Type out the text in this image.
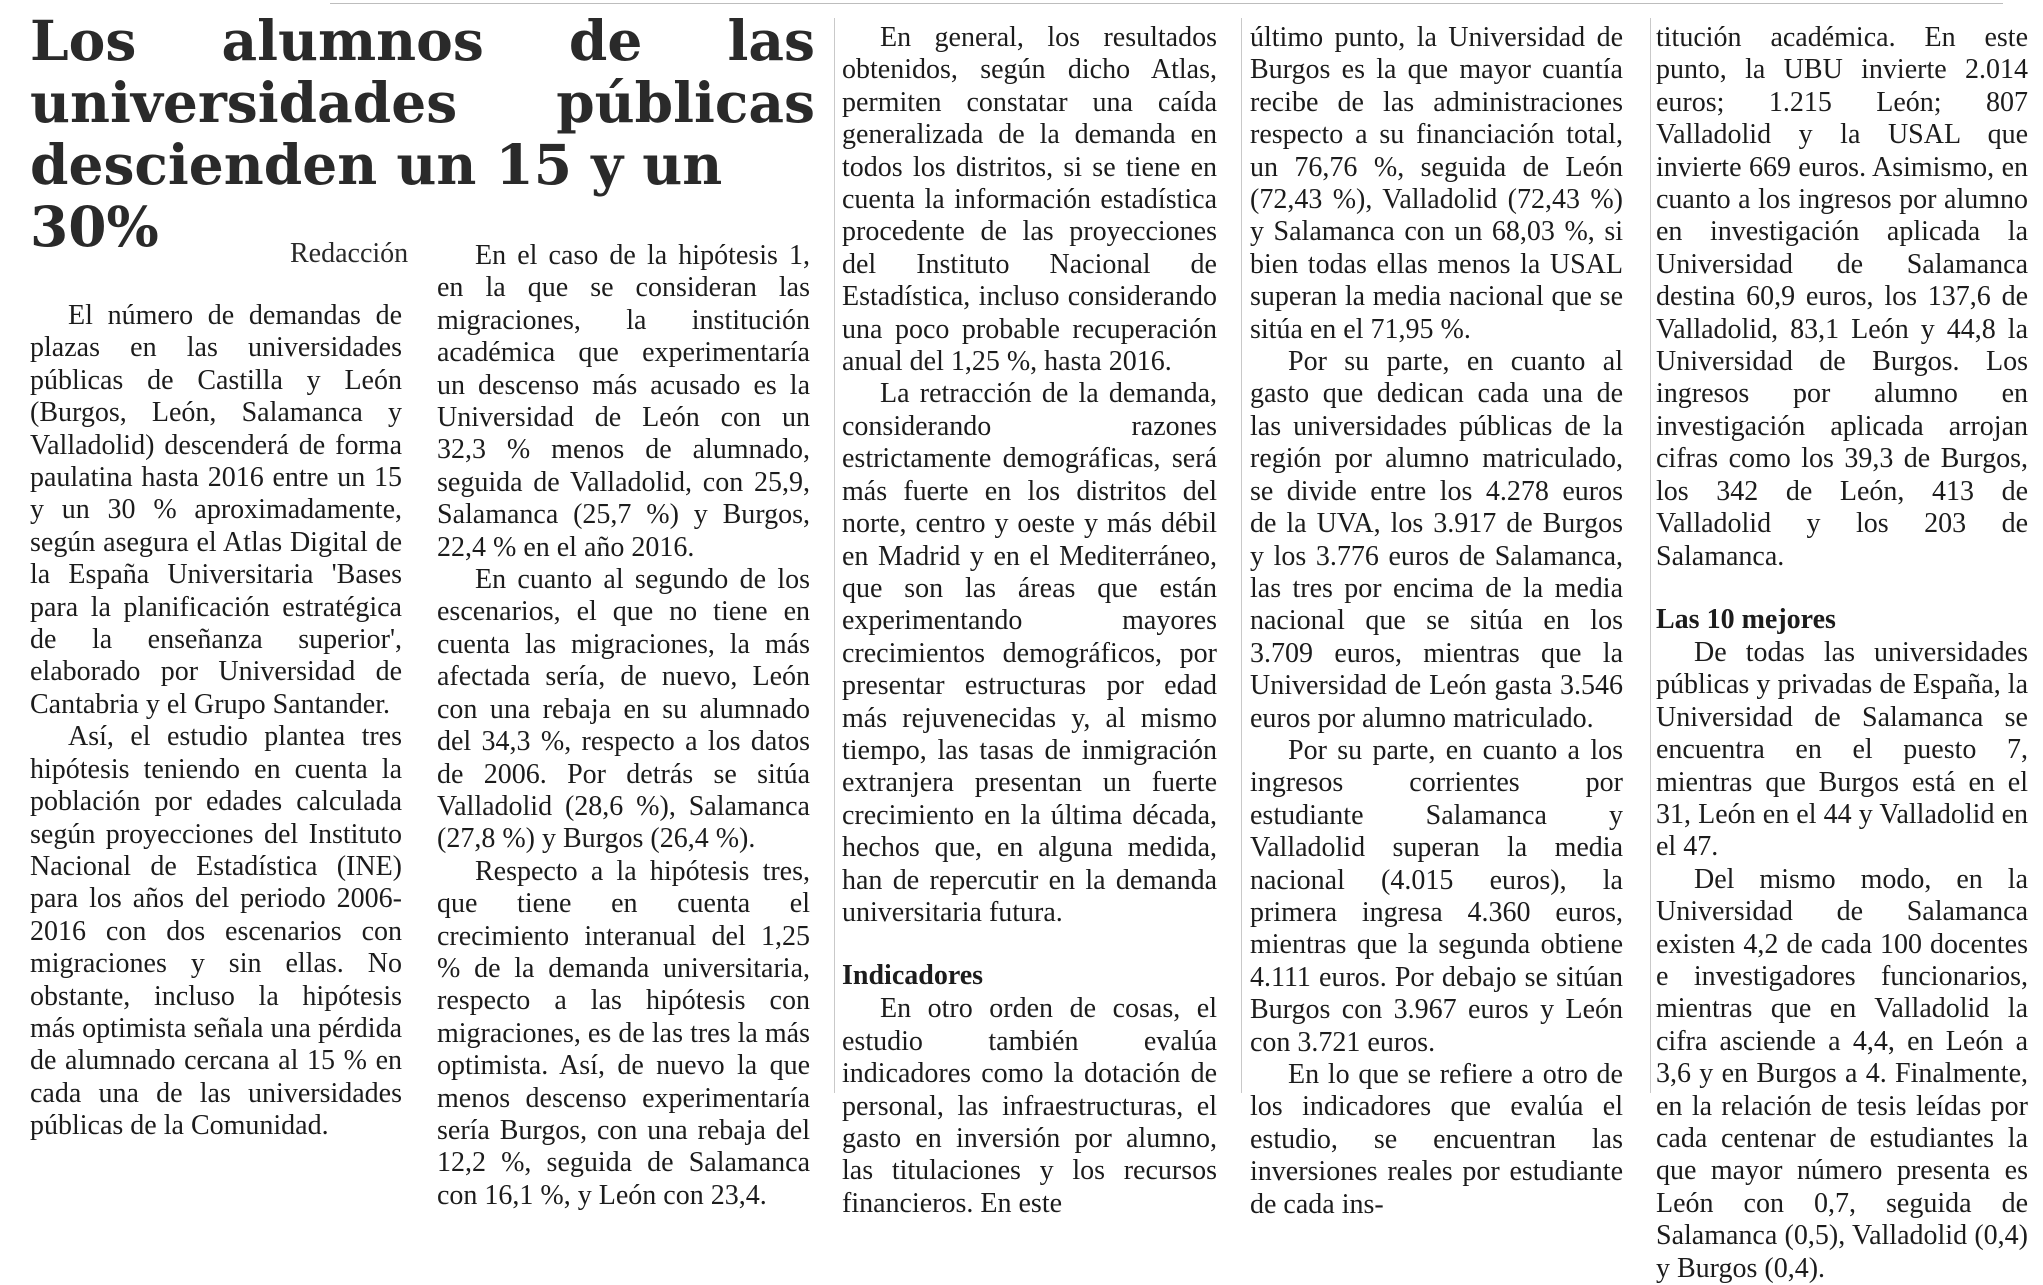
Los alumnos de las
universidades públicas
descienden un 15 y un 30%	Redacción

El número de demandas de plazas en las universidades públicas de Castilla y León (Burgos, León, Salamanca y Valladolid) descenderá de forma paulatina hasta 2016 entre un 15 y un 30 % aproximadamente, según asegura el Atlas Digital de la España Universitaria 'Bases para la planificación estratégica de la enseñanza superior', elaborado por Universidad de Cantabria y el Grupo Santander.

Así, el estudio plantea tres hipótesis teniendo en cuenta la población por edades calculada según proyecciones del Instituto Nacional de Estadística (INE) para los años del periodo 2006-2016 con dos escenarios con migraciones y sin ellas. No obstante, incluso la hipótesis más optimista señala una pérdida de alumnado cercana al 15 % en cada una de las universidades públicas de la Comunidad.

En el caso de la hipótesis 1, en la que se consideran las migraciones, la institución académica que experimentaría un descenso más acusado es la Universidad de León con un 32,3 % menos de alumnado, seguida de Valladolid, con 25,9, Salamanca (25,7 %) y Burgos, 22,4 % en el año 2016.

En cuanto al segundo de los escenarios, el que no tiene en cuenta las migraciones, la más afectada sería, de nuevo, León con una rebaja en su alumnado del 34,3 %, respecto a los datos de 2006. Por detrás se sitúa Valladolid (28,6 %), Salamanca (27,8 %) y Burgos (26,4 %).

Respecto a la hipótesis tres, que tiene en cuenta el crecimiento interanual del 1,25 % de la demanda universitaria, respecto a las hipótesis con migraciones, es de las tres la más optimista. Así, de nuevo la que menos descenso experimentaría sería Burgos, con una rebaja del 12,2 %, seguida de Salamanca con 16,1 %, y León con 23,4.

En general, los resultados obtenidos, según dicho Atlas, permiten constatar una caída generalizada de la demanda en todos los distritos, si se tiene en cuenta la información estadística procedente de las proyecciones del Instituto Nacional de Estadística, incluso considerando una poco probable recuperación anual del 1,25 %, hasta 2016.

La retracción de la demanda, considerando razones estrictamente demográficas, será más fuerte en los distritos del norte, centro y oeste y más débil en Madrid y en el Mediterráneo, que son las áreas que están experimentando mayores crecimientos demográficos, por presentar estructuras por edad más rejuvenecidas y, al mismo tiempo, las tasas de inmigración extranjera presentan un fuerte crecimiento en la última década, hechos que, en alguna medida, han de repercutir en la demanda universitaria futura.

Indicadores

En otro orden de cosas, el estudio también evalúa indicadores como la dotación de personal, las infraestructuras, el gasto en inversión por alumno, las titulaciones y los recursos financieros. En este

último punto, la Universidad de Burgos es la que mayor cuantía recibe de las administraciones respecto a su financiación total, un 76,76 %, seguida de León (72,43 %), Valladolid (72,43 %) y Salamanca con un 68,03 %, si bien todas ellas menos la USAL superan la media nacional que se sitúa en el 71,95 %.

Por su parte, en cuanto al gasto que dedican cada una de las universidades públicas de la región por alumno matriculado, se divide entre los 4.278 euros de la UVA, los 3.917 de Burgos y los 3.776 euros de Salamanca, las tres por encima de la media nacional que se sitúa en los 3.709 euros, mientras que la Universidad de León gasta 3.546 euros por alumno matriculado.

Por su parte, en cuanto a los ingresos corrientes por estudiante Salamanca y Valladolid superan la media nacional (4.015 euros), la primera ingresa 4.360 euros, mientras que la segunda obtiene 4.111 euros. Por debajo se sitúan Burgos con 3.967 euros y León con 3.721 euros.

En lo que se refiere a otro de los indicadores que evalúa el estudio, se encuentran las inversiones reales por estudiante de cada ins-

titución académica. En este punto, la UBU invierte 2.014 euros; 1.215 León; 807 Valladolid y la USAL que invierte 669 euros. Asimismo, en cuanto a los ingresos por alumno en investigación aplicada la Universidad de Salamanca destina 60,9 euros, los 137,6 de Valladolid, 83,1 León y 44,8 la Universidad de Burgos. Los ingresos por alumno en investigación aplicada arrojan cifras como los 39,3 de Burgos, los 342 de León, 413 de Valladolid y los 203 de Salamanca.

Las 10 mejores

De todas las universidades públicas y privadas de España, la Universidad de Salamanca se encuentra en el puesto 7, mientras que Burgos está en el 31, León en el 44 y Valladolid en el 47.

Del mismo modo, en la Universidad de Salamanca existen 4,2 de cada 100 docentes e investigadores funcionarios, mientras que en Valladolid la cifra asciende a 4,4, en León a 3,6 y en Burgos a 4. Finalmente, en la relación de tesis leídas por cada centenar de estudiantes la que mayor número presenta es León con 0,7, seguida de Salamanca (0,5), Valladolid (0,4) y Burgos (0,4).
